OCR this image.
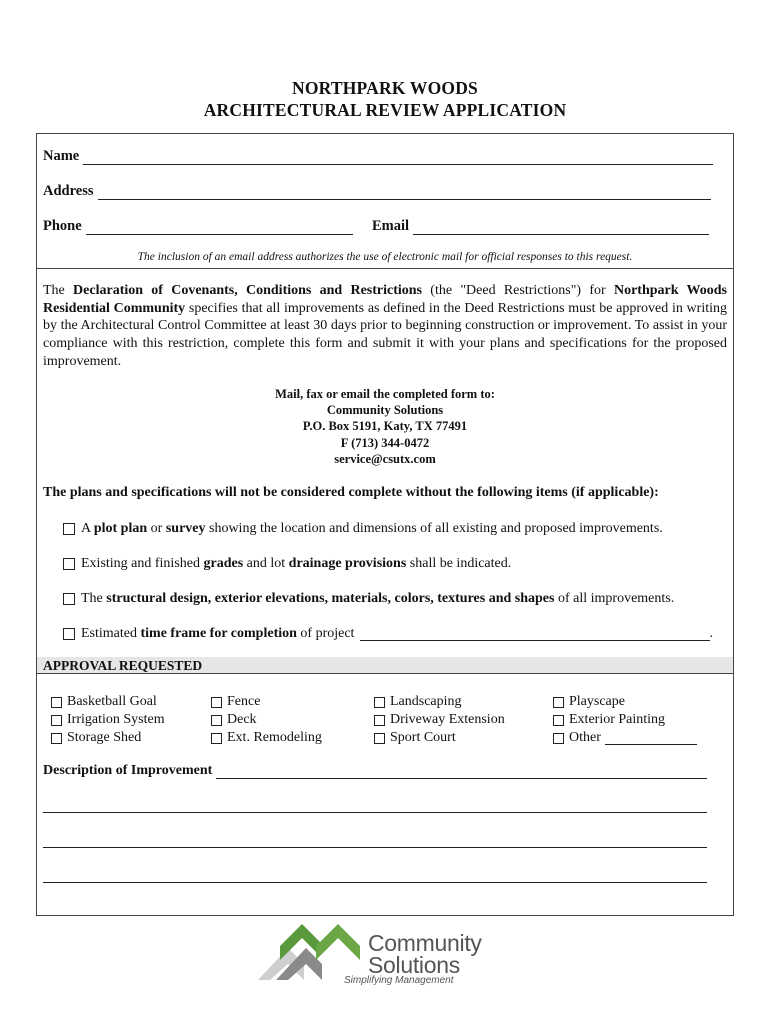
NORTHPARK WOODS
ARCHITECTURAL REVIEW APPLICATION
Name
Address
Phone	Email
The inclusion of an email address authorizes the use of electronic mail for official responses to this request.
The Declaration of Covenants, Conditions and Restrictions (the "Deed Restrictions") for Northpark Woods Residential Community specifies that all improvements as defined in the Deed Restrictions must be approved in writing by the Architectural Control Committee at least 30 days prior to beginning construction or improvement. To assist in your compliance with this restriction, complete this form and submit it with your plans and specifications for the proposed improvement.
Mail, fax or email the completed form to:
Community Solutions
P.O. Box 5191, Katy, TX 77491
F (713) 344-0472
service@csutx.com
The plans and specifications will not be considered complete without the following items (if applicable):
A plot plan or survey showing the location and dimensions of all existing and proposed improvements.
Existing and finished grades and lot drainage provisions shall be indicated.
The structural design, exterior elevations, materials, colors, textures and shapes of all improvements.
Estimated time frame for completion of project	.
APPROVAL REQUESTED
Basketball Goal	Fence	Landscaping	Playscape
Irrigation System	Deck	Driveway Extension	Exterior Painting
Storage Shed	Ext. Remodeling	Sport Court	Other
Description of Improvement
Community
Solutions
Simplifying Management
